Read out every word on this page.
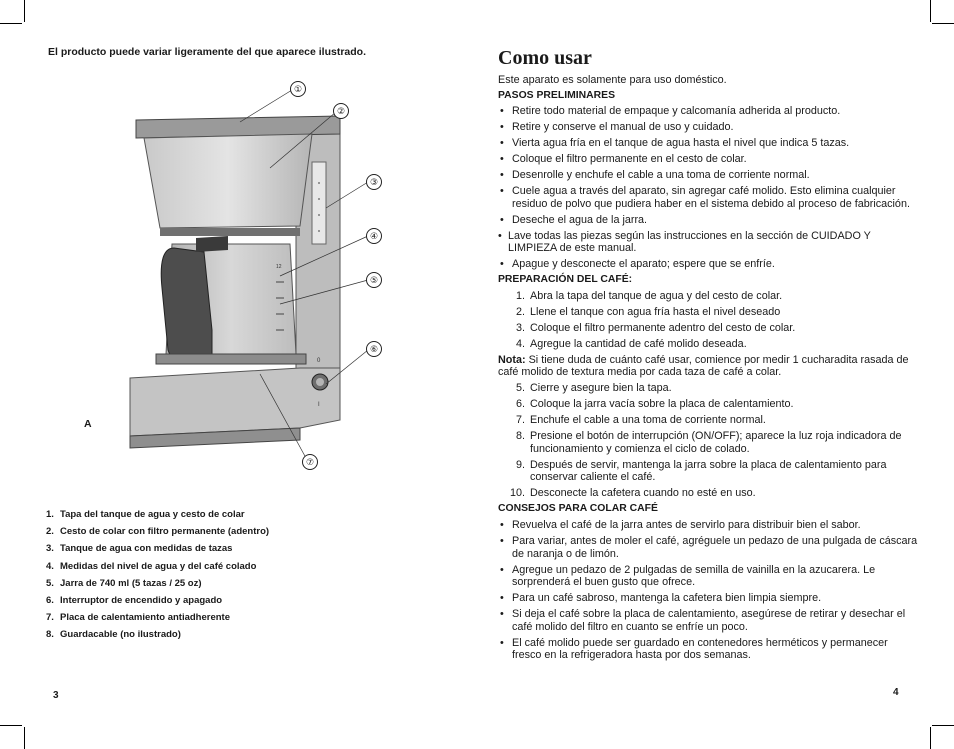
El producto puede variar ligeramente del que aparece ilustrado.
12
0
I
①
②
③
④
⑤
⑥
⑦
A
1. Tapa del tanque de agua y cesto de colar
2. Cesto de colar con filtro permanente (adentro)
3. Tanque de agua con medidas de tazas
4. Medidas del nivel de agua y del café colado
5. Jarra de 740 ml (5 tazas / 25 oz)
6. Interruptor de encendido y apagado
7. Placa de calentamiento antiadherente
8. Guardacable (no ilustrado)
3
Como usar

Este aparato es solamente para uso doméstico.

PASOS PRELIMINARES
• Retire todo material de empaque y calcomanía adherida al producto.
• Retire y conserve el manual de uso y cuidado.
• Vierta agua fría en el tanque de agua hasta el nivel que indica 5 tazas.
• Coloque el filtro permanente en el cesto de colar.
• Desenrolle y enchufe el cable a una toma de corriente normal.
• Cuele agua a través del aparato, sin agregar café molido. Esto elimina cualquier residuo de polvo que pudiera haber en el sistema debido al proceso de fabricación.
• Deseche el agua de la jarra.
• Lave todas las piezas según las instrucciones en la sección de CUIDADO Y LIMPIEZA de este manual.
• Apague y desconecte el aparato; espere que se enfríe.
PREPARACIÓN DEL CAFÉ:
1. Abra la tapa del tanque de agua y del cesto de colar.
2. Llene el tanque con agua fría hasta el nivel deseado
3. Coloque el filtro permanente adentro del cesto de colar.
4. Agregue la cantidad de café molido deseada.
Nota: Si tiene duda de cuánto café usar, comience por medir 1 cucharadita rasada de café molido de textura media por cada taza de café a colar.
5. Cierre y asegure bien la tapa.
6. Coloque la jarra vacía sobre la placa de calentamiento.
7. Enchufe el cable a una toma de corriente normal.
8. Presione el botón de interrupción (ON/OFF); aparece la luz roja indicadora de funcionamiento y comienza el ciclo de colado.
9. Después de servir, mantenga la jarra sobre la placa de calentamiento para conservar caliente el café.
10. Desconecte la cafetera cuando no esté en uso.
CONSEJOS PARA COLAR CAFÉ
• Revuelva el café de la jarra antes de servirlo para distribuir bien el sabor.
• Para variar, antes de moler el café, agréguele un pedazo de una pulgada de cáscara de naranja o de limón.
• Agregue un pedazo de 2 pulgadas de semilla de vainilla en la azucarera. Le sorprenderá el buen gusto que ofrece.
• Para un café sabroso, mantenga la cafetera bien limpia siempre.
• Si deja el café sobre la placa de calentamiento, asegúrese de retirar y desechar el café molido del filtro en cuanto se enfríe un poco.
• El café molido puede ser guardado en contenedores herméticos y permanecer fresco en la refrigeradora hasta por dos semanas.
4
